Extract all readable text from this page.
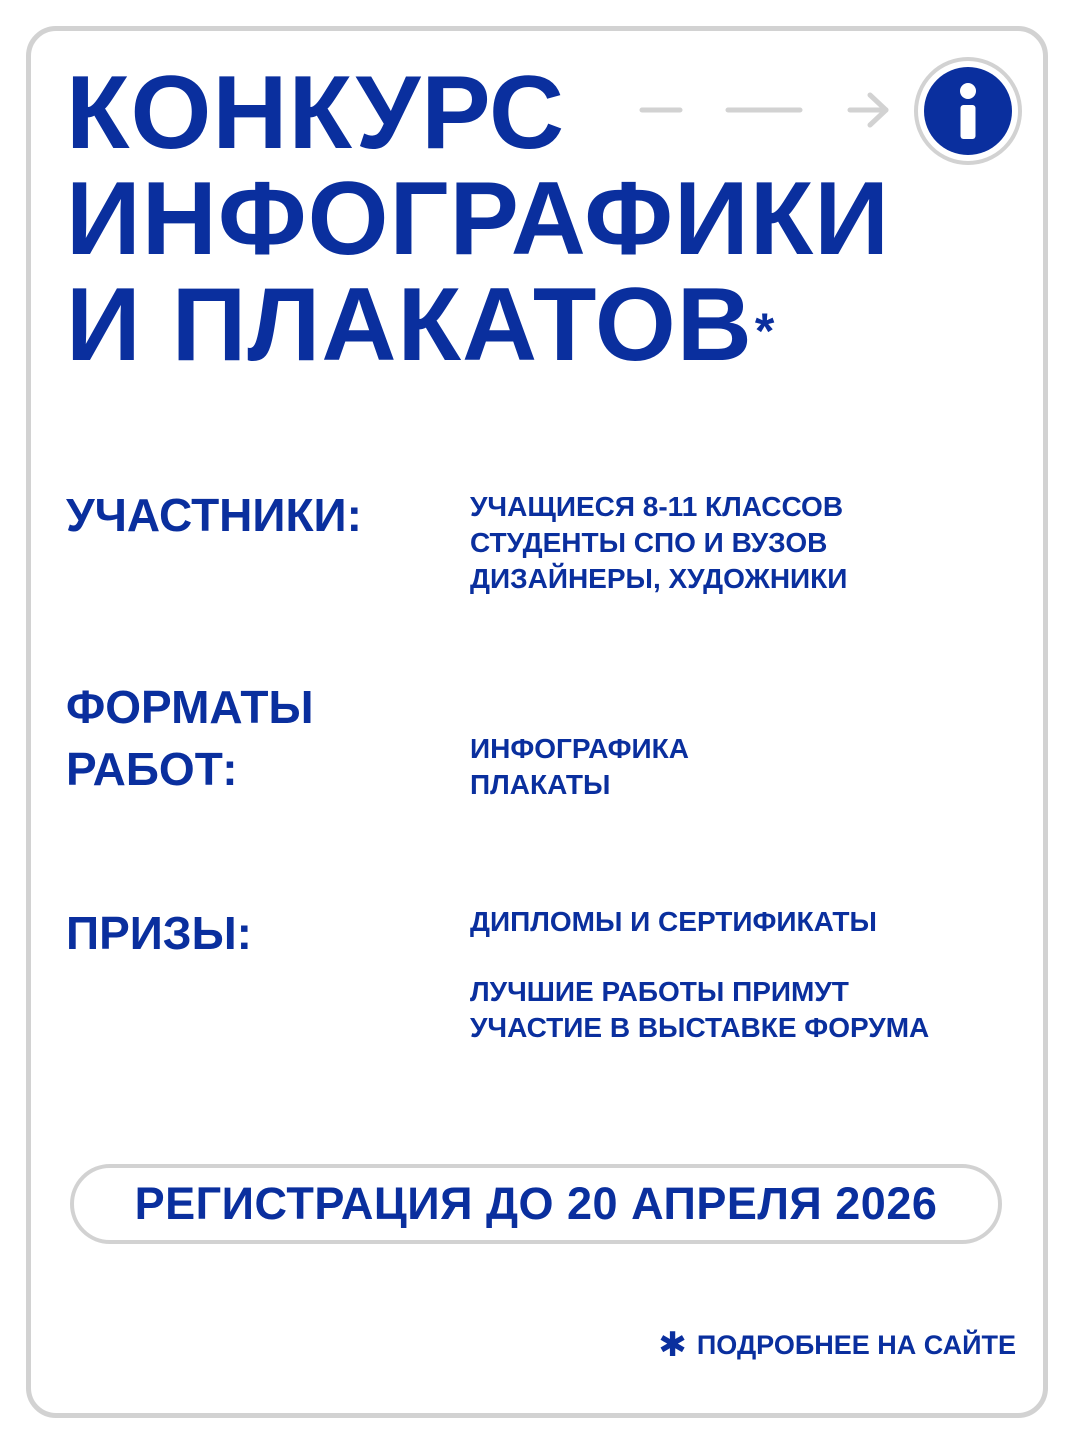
КОНКУРС
ИНФОГРАФИКИ
И ПЛАКАТОВ*
УЧАСТНИКИ:	УЧАЩИЕСЯ 8-11 КЛАССОВ
СТУДЕНТЫ СПО И ВУЗОВ
ДИЗАЙНЕРЫ, ХУДОЖНИКИ
ФОРМАТЫ
РАБОТ:	ИНФОГРАФИКА
ПЛАКАТЫ
ПРИЗЫ:	ДИПЛОМЫ И СЕРТИФИКАТЫ
ЛУЧШИЕ РАБОТЫ ПРИМУТ
УЧАСТИЕ В ВЫСТАВКЕ ФОРУМА
РЕГИСТРАЦИЯ ДО 20 АПРЕЛЯ 2026
✱ ПОДРОБНЕЕ НА САЙТЕ
